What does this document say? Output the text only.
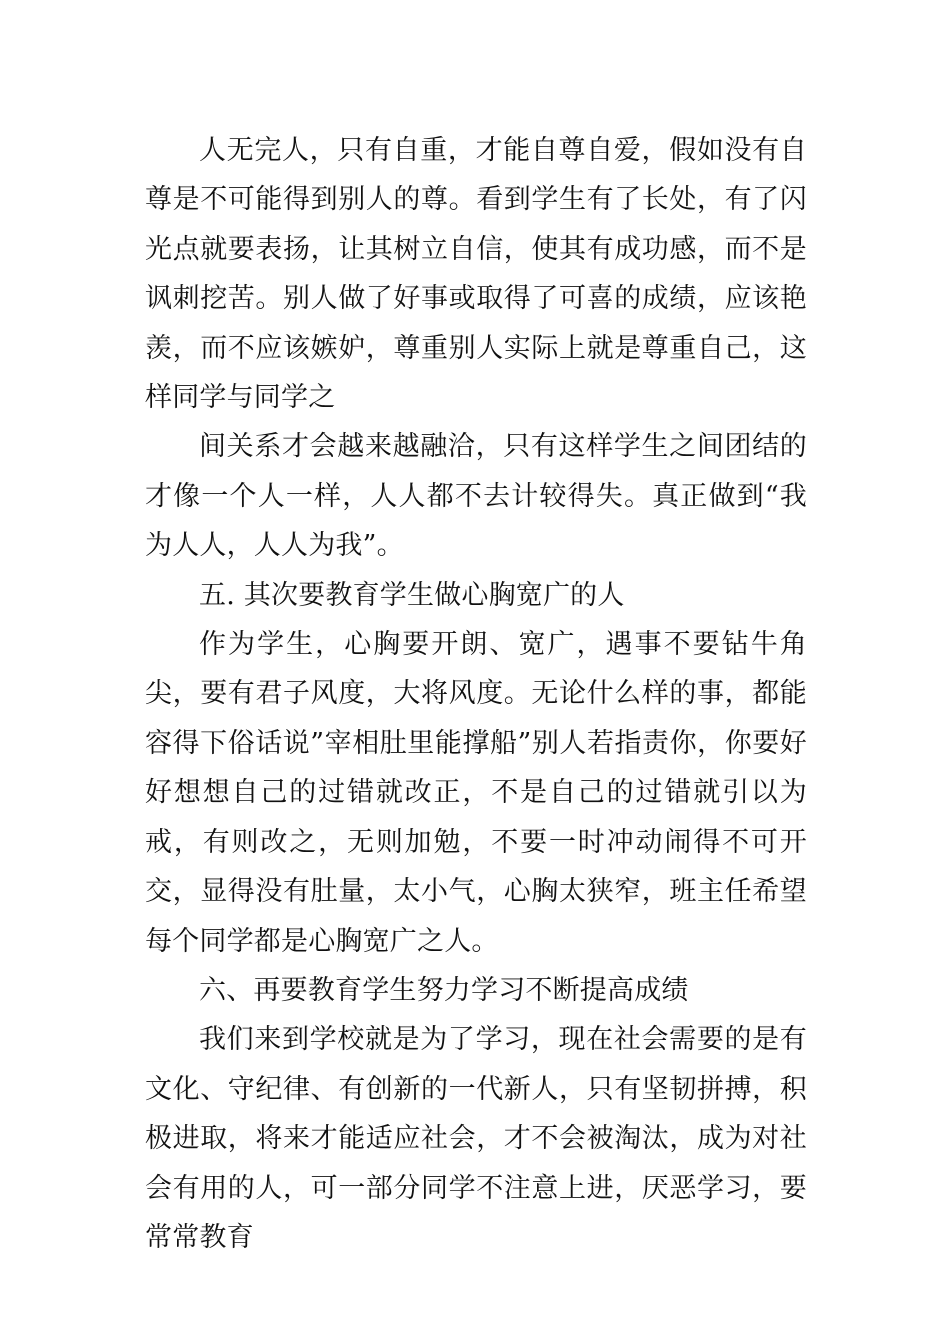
人无完人，只有自重，才能自尊自爱，假如没有自尊是不可能得到别人的尊。看到学生有了长处，有了闪光点就要表扬，让其树立自信，使其有成功感，而不是讽刺挖苦。别人做了好事或取得了可喜的成绩，应该艳羡，而不应该嫉妒，尊重别人实际上就是尊重自己，这样同学与同学之

间关系才会越来越融洽，只有这样学生之间团结的才像一个人一样，人人都不去计较得失。真正做到“我为人人，人人为我”。

五. 其次要教育学生做心胸宽广的人

作为学生，心胸要开朗、宽广，遇事不要钻牛角尖，要有君子风度，大将风度。无论什么样的事，都能容得下俗话说”宰相肚里能撑船”别人若指责你，你要好好想想自己的过错就改正，不是自己的过错就引以为戒，有则改之，无则加勉，不要一时冲动闹得不可开交，显得没有肚量，太小气，心胸太狭窄，班主任希望每个同学都是心胸宽广之人。

六、再要教育学生努力学习不断提高成绩

我们来到学校就是为了学习，现在社会需要的是有文化、守纪律、有创新的一代新人，只有坚韧拼搏，积极进取，将来才能适应社会，才不会被淘汰，成为对社会有用的人，可一部分同学不注意上进，厌恶学习，要常常教育
